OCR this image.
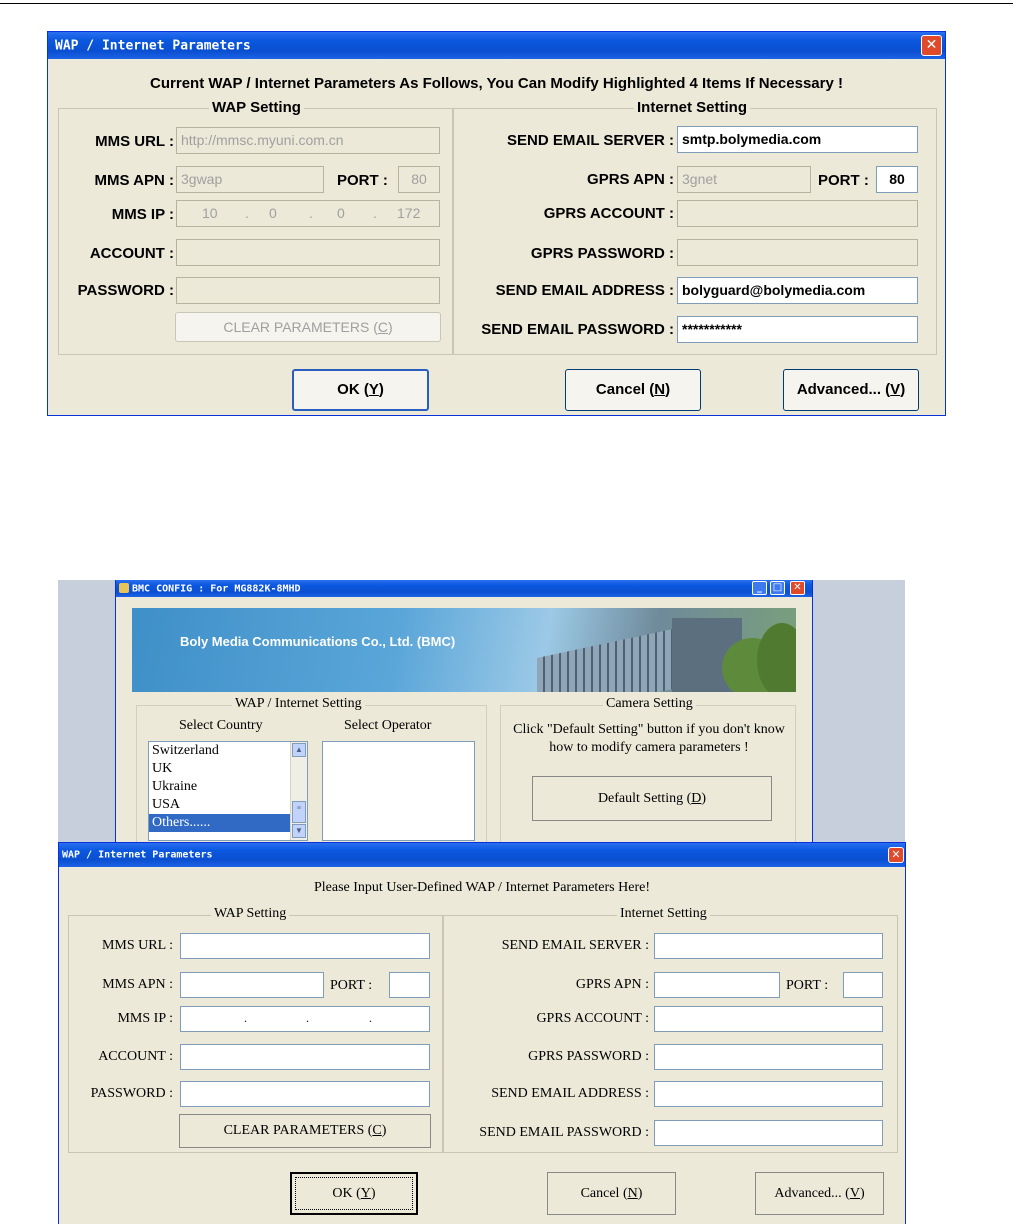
WAP / Internet Parameters	✕
Current WAP / Internet Parameters As Follows, You Can Modify Highlighted 4 Items If Necessary !
WAP Setting
MMS URL : http://mmsc.myuni.com.cn
MMS APN : 3gwap	PORT :	80
MMS IP : 10 . 0 . 0 . 172
ACCOUNT :
PASSWORD :
CLEAR PARAMETERS (C)
Internet Setting
SEND EMAIL SERVER : smtp.bolymedia.com
GPRS APN : 3gnet	PORT :	80
GPRS ACCOUNT :
GPRS PASSWORD :
SEND EMAIL ADDRESS : bolyguard@bolymedia.com
SEND EMAIL PASSWORD : ***********
OK (Y)	Cancel (N)	Advanced... (V)
BMC CONFIG : For MG882K-8MHD	_	□	✕
Boly Media Communications Co., Ltd. (BMC)
WAP / Internet Setting
Select Country	Select Operator
Switzerland
UK
Ukraine
USA
Others......
▲
≡
▼
Camera Setting
Click "Default Setting" button if you don't know how to modify camera parameters !
Default Setting (D)
WAP / Internet Parameters	✕
Please Input User-Defined WAP / Internet Parameters Here!
WAP Setting
MMS URL :
MMS APN :	PORT :
MMS IP :	.	.	.
ACCOUNT :
PASSWORD :
CLEAR PARAMETERS (C)
Internet Setting
SEND EMAIL SERVER :
GPRS APN :	PORT :
GPRS ACCOUNT :
GPRS PASSWORD :
SEND EMAIL ADDRESS :
SEND EMAIL PASSWORD :
OK (Y)	Cancel (N)	Advanced... (V)
